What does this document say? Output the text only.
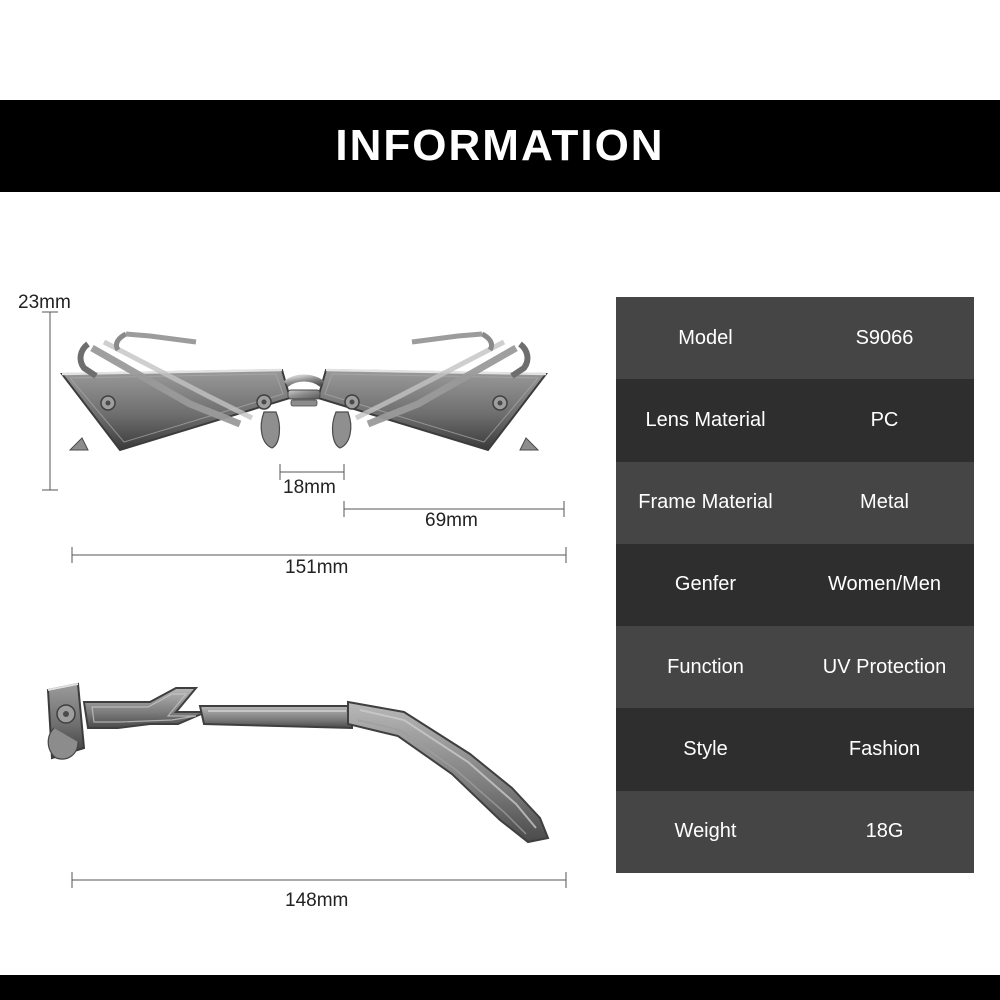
INFORMATION
23mm
18mm
69mm
151mm
148mm
Model	S9066
Lens Material	PC
Frame Material	Metal
Genfer	Women/Men
Function	UV Protection
Style	Fashion
Weight	18G
